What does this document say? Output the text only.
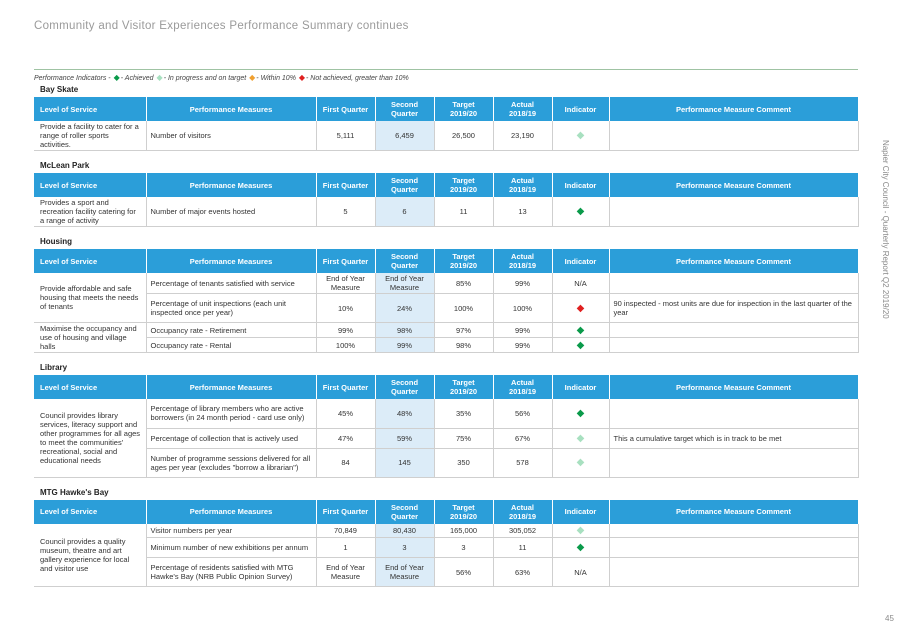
Community and Visitor Experiences Performance Summary continues
Performance Indicators - ◆- Achieved ◆- In progress and on target ◆- Within 10% ◆- Not achieved, greater than 10%
Bay Skate
Level of Service	Performance Measures	First Quarter	Second Quarter	Target 2019/20	Actual 2018/19	Indicator	Performance Measure Comment
Provide a facility to cater for a range of roller sports activities.	Number of visitors	5,111	6,459	26,500	23,190	◆	
McLean Park
Level of Service	Performance Measures	First Quarter	Second Quarter	Target 2019/20	Actual 2018/19	Indicator	Performance Measure Comment
Provides a sport and recreation facility catering for a range of activity	Number of major events hosted	5	6	11	13	◆	
Housing
Level of Service	Performance Measures	First Quarter	Second Quarter	Target 2019/20	Actual 2018/19	Indicator	Performance Measure Comment
Provide affordable and safe housing that meets the needs of tenants	Percentage of tenants satisfied with service	End of Year Measure	End of Year Measure	85%	99%	N/A	
	Percentage of unit inspections (each unit inspected once per year)	10%	24%	100%	100%	◆	90 inspected - most units are due for inspection in the last quarter of the year
Maximise the occupancy and use of housing and village halls	Occupancy rate - Retirement	99%	98%	97%	99%	◆	
	Occupancy rate - Rental	100%	99%	98%	99%	◆	
Library
Level of Service	Performance Measures	First Quarter	Second Quarter	Target 2019/20	Actual 2018/19	Indicator	Performance Measure Comment
Council provides library services, literacy support and other programmes for all ages to meet the communities' recreational, social and educational needs	Percentage of library members who are active borrowers (in 24 month period - card use only)	45%	48%	35%	56%	◆	
	Percentage of collection that is actively used	47%	59%	75%	67%	◆	This a cumulative target which is in track to be met
	Number of programme sessions delivered for all ages per year (excludes "borrow a librarian")	84	145	350	578	◆	
MTG Hawke's Bay
Level of Service	Performance Measures	First Quarter	Second Quarter	Target 2019/20	Actual 2018/19	Indicator	Performance Measure Comment
Council provides a quality museum, theatre and art gallery experience for local and visitor use	Visitor numbers per year	70,849	80,430	165,000	305,052	◆	
	Minimum number of new exhibitions per annum	1	3	3	11	◆	
	Percentage of residents satisfied with MTG Hawke's Bay (NRB Public Opinion Survey)	End of Year Measure	End of Year Measure	56%	63%	N/A	
Napier City Council - Quarterly Report Q2 2019/20
45
